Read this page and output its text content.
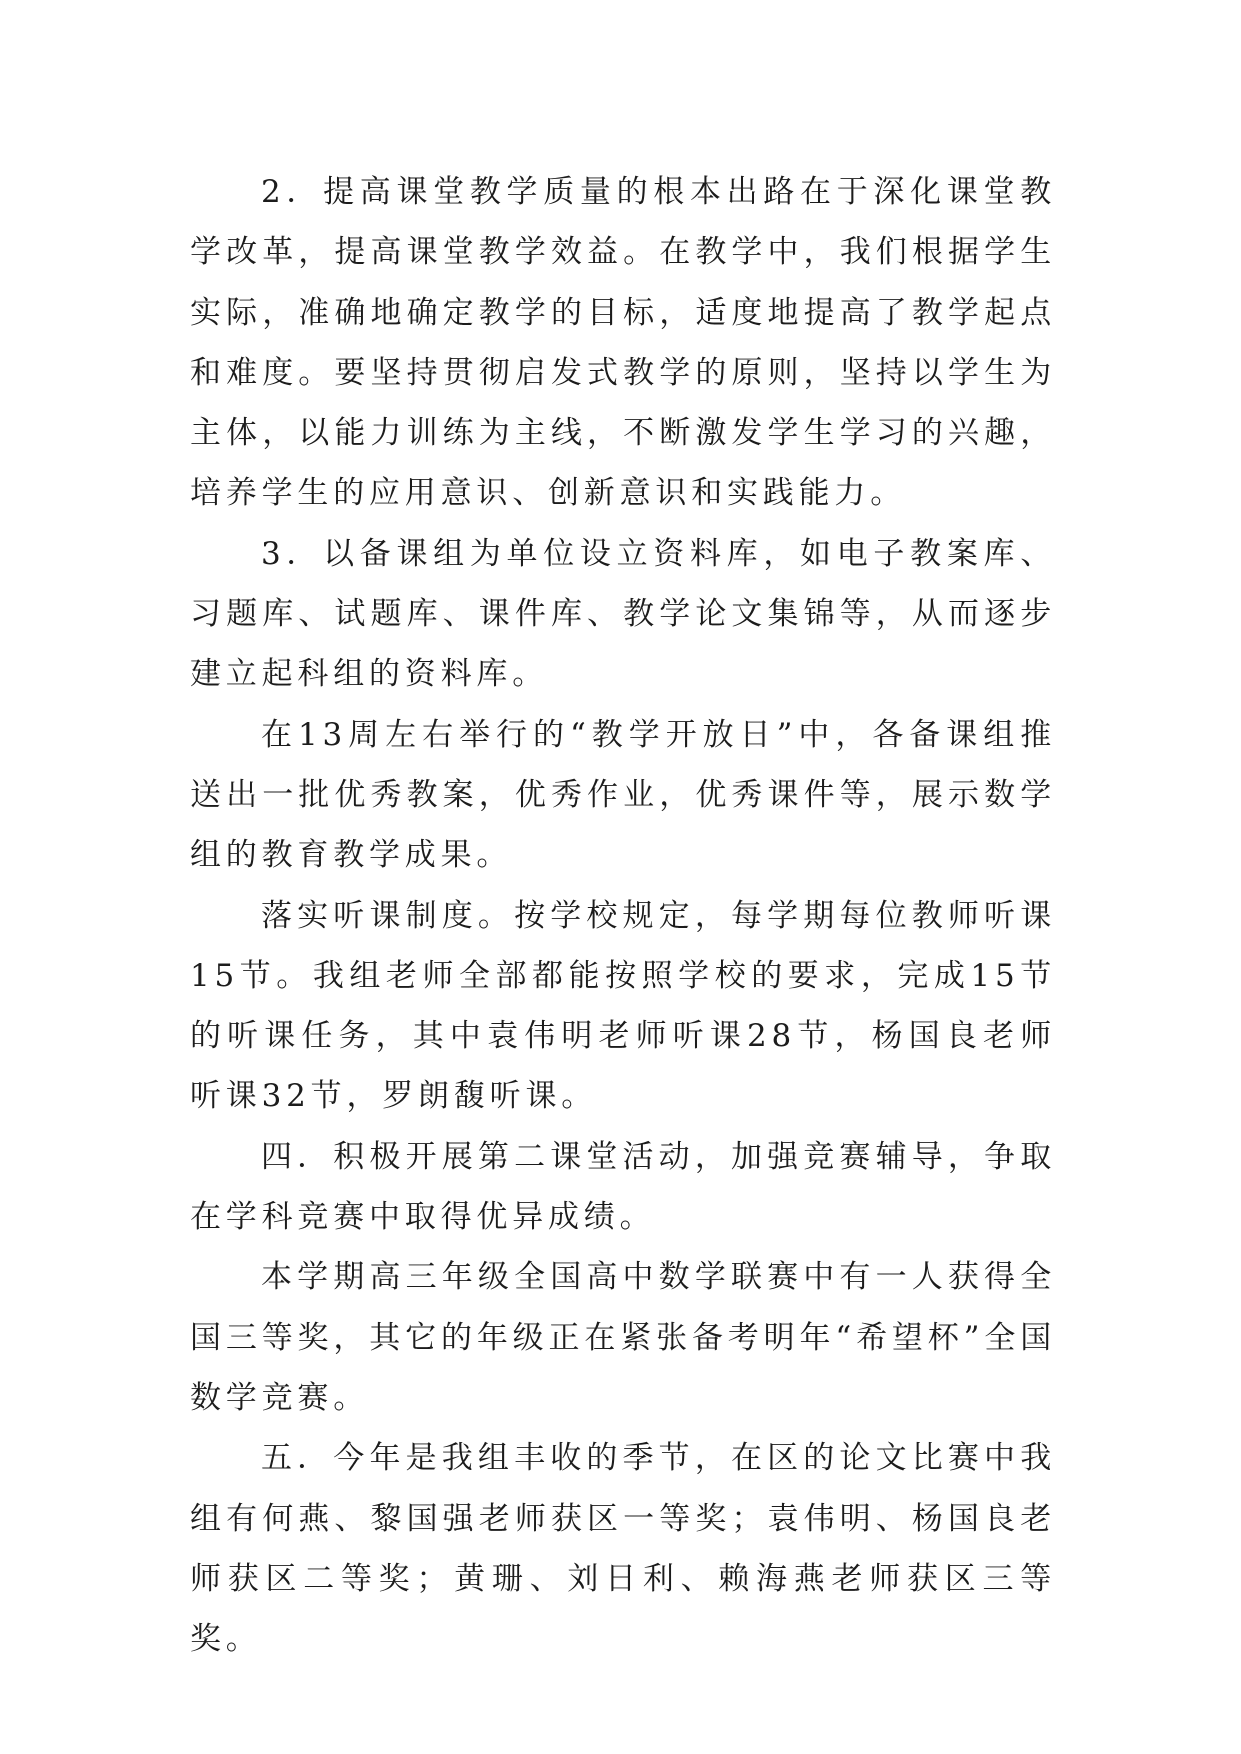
2．提高课堂教学质量的根本出路在于深化课堂教学改革，提高课堂教学效益。在教学中，我们根据学生实际，准确地确定教学的目标，适度地提高了教学起点和难度。要坚持贯彻启发式教学的原则，坚持以学生为主体，以能力训练为主线，不断激发学生学习的兴趣，培养学生的应用意识、创新意识和实践能力。

3．以备课组为单位设立资料库，如电子教案库、习题库、试题库、课件库、教学论文集锦等，从而逐步建立起科组的资料库。

在13周左右举行的“教学开放日”中，各备课组推送出一批优秀教案，优秀作业，优秀课件等，展示数学组的教育教学成果。

落实听课制度。按学校规定，每学期每位教师听课15节。我组老师全部都能按照学校的要求，完成15节的听课任务，其中袁伟明老师听课28节，杨国良老师听课32节，罗朗馥听课。

四．积极开展第二课堂活动，加强竞赛辅导，争取在学科竞赛中取得优异成绩。

本学期高三年级全国高中数学联赛中有一人获得全国三等奖，其它的年级正在紧张备考明年“希望杯”全国数学竞赛。

五．今年是我组丰收的季节，在区的论文比赛中我组有何燕、黎国强老师获区一等奖；袁伟明、杨国良老师获区二等奖；黄珊、刘日利、赖海燕老师获区三等奖。
